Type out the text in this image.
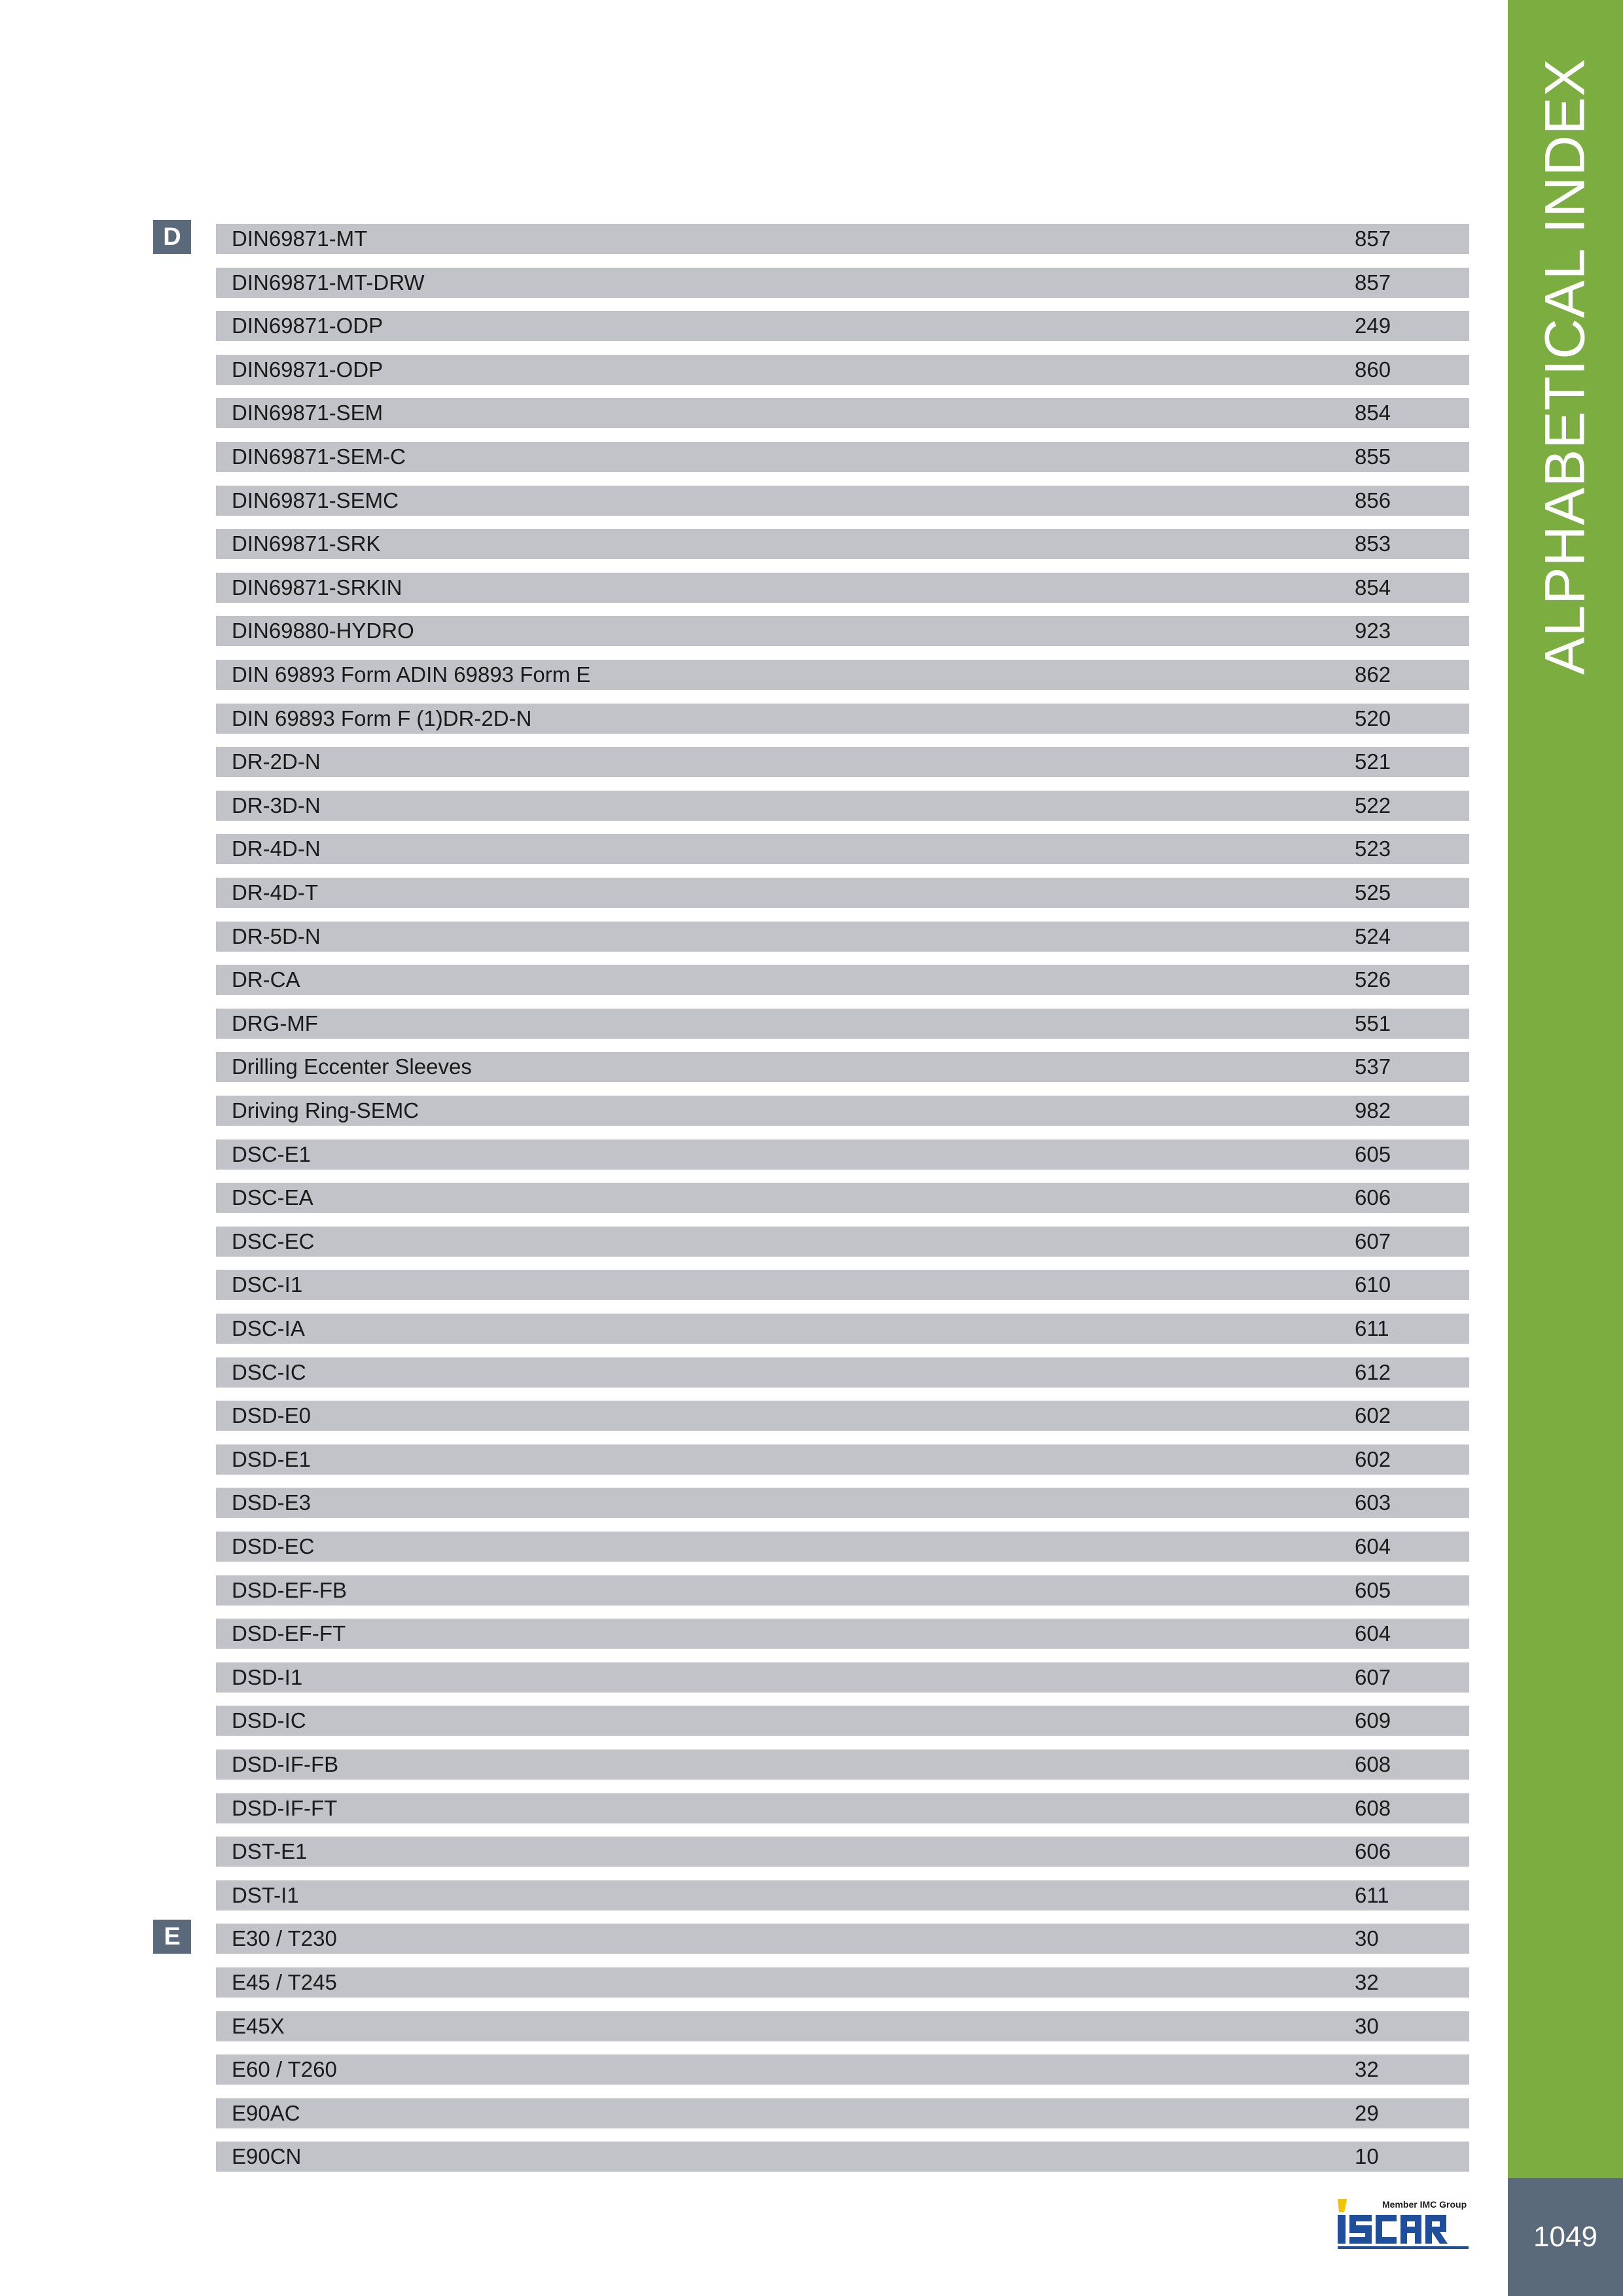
D	DIN69871-MT	857
DIN69871-MT-DRW	857
DIN69871-ODP	249
DIN69871-ODP	860
DIN69871-SEM	854
DIN69871-SEM-C	855
DIN69871-SEMC	856
DIN69871-SRK	853
DIN69871-SRKIN	854
DIN69880-HYDRO	923
DIN 69893 Form ADIN 69893 Form E	862
DIN 69893 Form F (1)DR-2D-N	520
DR-2D-N	521
DR-3D-N	522
DR-4D-N	523
DR-4D-T	525
DR-5D-N	524
DR-CA	526
DRG-MF	551
Drilling Eccenter Sleeves	537
Driving Ring-SEMC	982
DSC-E1	605
DSC-EA	606
DSC-EC	607
DSC-I1	610
DSC-IA	611
DSC-IC	612
DSD-E0	602
DSD-E1	602
DSD-E3	603
DSD-EC	604
DSD-EF-FB	605
DSD-EF-FT	604
DSD-I1	607
DSD-IC	609
DSD-IF-FB	608
DSD-IF-FT	608
DST-E1	606
DST-I1	611
E	E30 / T230	30
E45 / T245	32
E45X	30
E60 / T260	32
E90AC	29
E90CN	10
ALPHABETICAL INDEX
1049
Member IMC Group
